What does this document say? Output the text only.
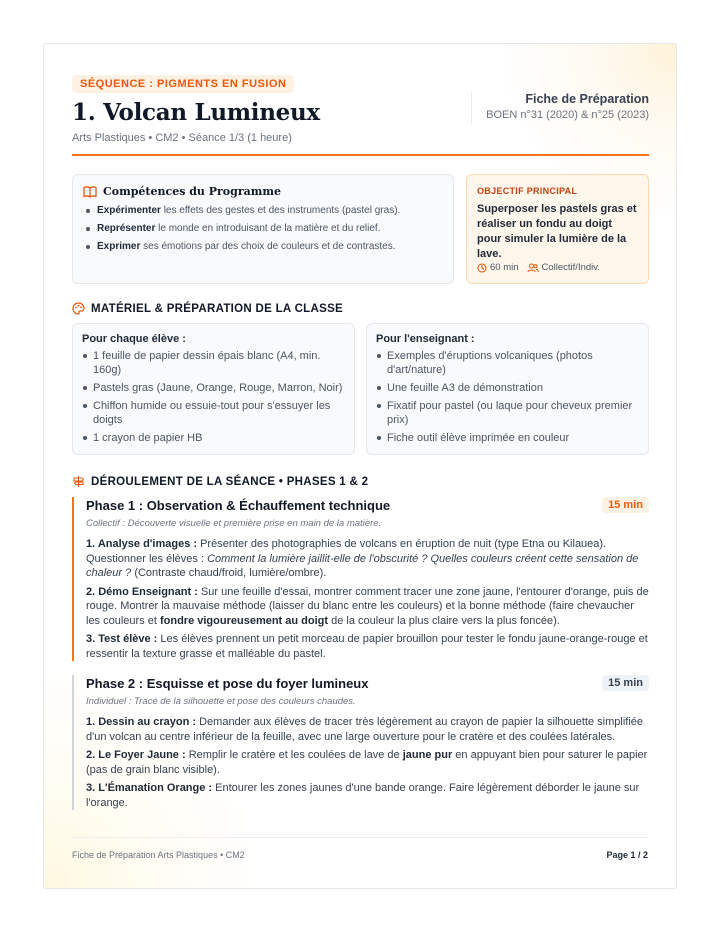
SÉQUENCE : PIGMENTS EN FUSION
1. Volcan Lumineux
Arts Plastiques • CM2 • Séance 1/3 (1 heure)
Fiche de Préparation
BOEN n°31 (2020) & n°25 (2023)
Compétences du Programme
Expérimenter les effets des gestes et des instruments (pastel gras).
Représenter le monde en introduisant de la matière et du relief.
Exprimer ses émotions par des choix de couleurs et de contrastes.
OBJECTIF PRINCIPAL
Superposer les pastels gras et réaliser un fondu au doigt pour simuler la lumière de la lave.
60 min Collectif/Indiv.
MATÉRIEL & PRÉPARATION DE LA CLASSE
Pour chaque élève :
1 feuille de papier dessin épais blanc (A4, min. 160g)
Pastels gras (Jaune, Orange, Rouge, Marron, Noir)
Chiffon humide ou essuie-tout pour s'essuyer les doigts
1 crayon de papier HB
Pour l'enseignant :
Exemples d'éruptions volcaniques (photos d'art/nature)
Une feuille A3 de démonstration
Fixatif pour pastel (ou laque pour cheveux premier prix)
Fiche outil élève imprimée en couleur
DÉROULEMENT DE LA SÉANCE • PHASES 1 & 2
Phase 1 : Observation & Échauffement technique	15 min
Collectif : Découverte visuelle et première prise en main de la matière.

1. Analyse d'images : Présenter des photographies de volcans en éruption de nuit (type Etna ou Kilauea). Questionner les élèves : Comment la lumière jaillit-elle de l'obscurité ? Quelles couleurs créent cette sensation de chaleur ? (Contraste chaud/froid, lumière/ombre).

2. Démo Enseignant : Sur une feuille d'essai, montrer comment tracer une zone jaune, l'entourer d'orange, puis de rouge. Montrer la mauvaise méthode (laisser du blanc entre les couleurs) et la bonne méthode (faire chevaucher les couleurs et fondre vigoureusement au doigt de la couleur la plus claire vers la plus foncée).

3. Test élève : Les élèves prennent un petit morceau de papier brouillon pour tester le fondu jaune-orange-rouge et ressentir la texture grasse et malléable du pastel.

Phase 2 : Esquisse et pose du foyer lumineux	15 min
Individuel : Tracé de la silhouette et pose des couleurs chaudes.

1. Dessin au crayon : Demander aux élèves de tracer très légèrement au crayon de papier la silhouette simplifiée d'un volcan au centre inférieur de la feuille, avec une large ouverture pour le cratère et des coulées latérales.

2. Le Foyer Jaune : Remplir le cratère et les coulées de lave de jaune pur en appuyant bien pour saturer le papier (pas de grain blanc visible).

3. L'Émanation Orange : Entourer les zones jaunes d'une bande orange. Faire légèrement déborder le jaune sur l'orange.

Fiche de Préparation Arts Plastiques • CM2	Page 1 / 2
